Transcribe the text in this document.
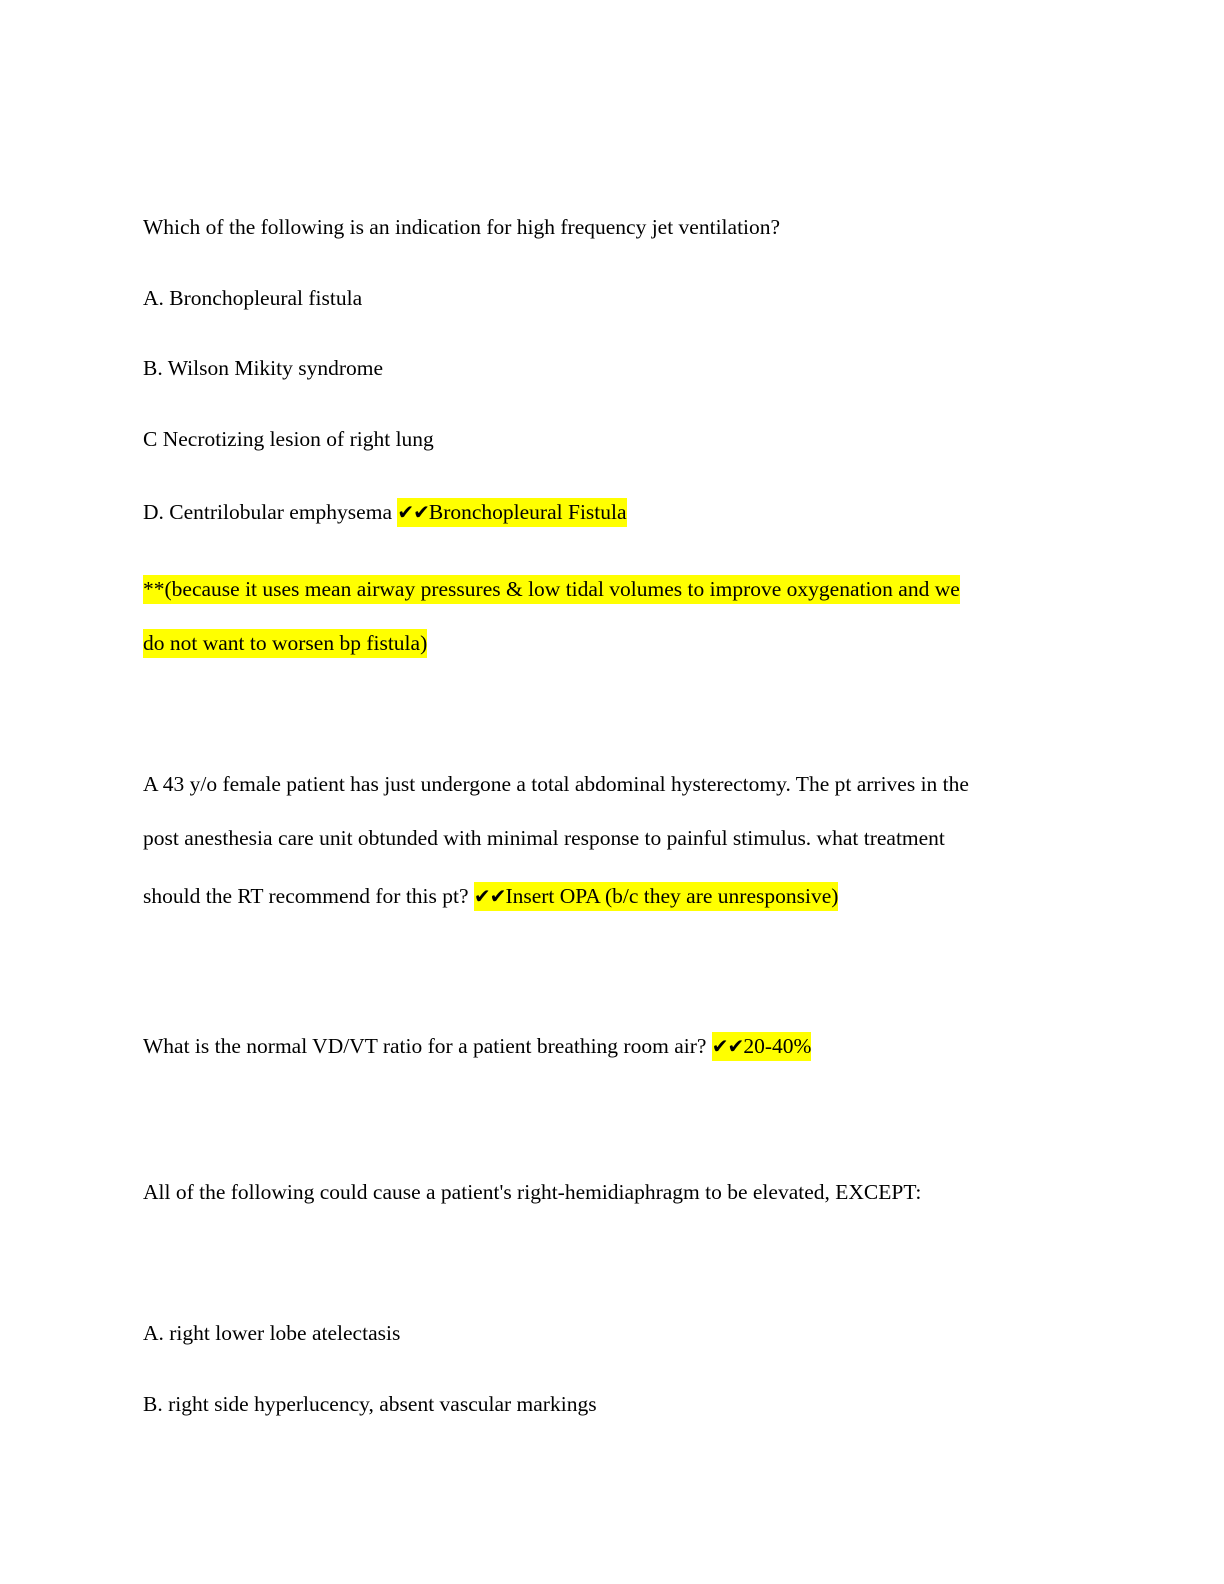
Which of the following is an indication for high frequency jet ventilation?
A. Bronchopleural fistula
B. Wilson Mikity syndrome
C Necrotizing lesion of right lung
D. Centrilobular emphysema ✔✔Bronchopleural Fistula
**(because it uses mean airway pressures & low tidal volumes to improve oxygenation and we
do not want to worsen bp fistula)
A 43 y/o female patient has just undergone a total abdominal hysterectomy. The pt arrives in the
post anesthesia care unit obtunded with minimal response to painful stimulus. what treatment
should the RT recommend for this pt? ✔✔Insert OPA (b/c they are unresponsive)
What is the normal VD/VT ratio for a patient breathing room air? ✔✔20-40%
All of the following could cause a patient's right-hemidiaphragm to be elevated, EXCEPT:
A. right lower lobe atelectasis
B. right side hyperlucency, absent vascular markings
